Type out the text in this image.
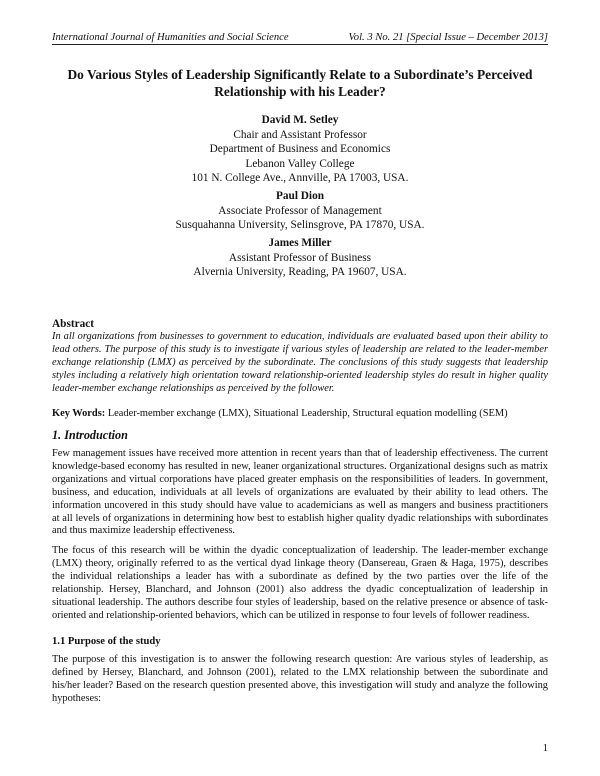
International Journal of Humanities and Social Science	Vol. 3 No. 21 [Special Issue – December 2013]
Do Various Styles of Leadership Significantly Relate to a Subordinate’s Perceived Relationship with his Leader?
David M. Setley
Chair and Assistant Professor
Department of Business and Economics
Lebanon Valley College
101 N. College Ave., Annville, PA 17003, USA.
Paul Dion
Associate Professor of Management
Susquahanna University, Selinsgrove, PA 17870, USA.
James Miller
Assistant Professor of Business
Alvernia University, Reading, PA 19607, USA.
Abstract
In all organizations from businesses to government to education, individuals are evaluated based upon their ability to lead others. The purpose of this study is to investigate if various styles of leadership are related to the leader-member exchange relationship (LMX) as perceived by the subordinate. The conclusions of this study suggests that leadership styles including a relatively high orientation toward relationship-oriented leadership styles do result in higher quality leader-member exchange relationships as perceived by the follower.
Key Words: Leader-member exchange (LMX), Situational Leadership, Structural equation modelling (SEM)
1. Introduction
Few management issues have received more attention in recent years than that of leadership effectiveness. The current knowledge-based economy has resulted in new, leaner organizational structures. Organizational designs such as matrix organizations and virtual corporations have placed greater emphasis on the responsibilities of leaders. In government, business, and education, individuals at all levels of organizations are evaluated by their ability to lead others. The information uncovered in this study should have value to academicians as well as mangers and business practitioners at all levels of organizations in determining how best to establish higher quality dyadic relationships with subordinates and thus maximize leadership effectiveness.
The focus of this research will be within the dyadic conceptualization of leadership. The leader-member exchange (LMX) theory, originally referred to as the vertical dyad linkage theory (Dansereau, Graen & Haga, 1975), describes the individual relationships a leader has with a subordinate as defined by the two parties over the life of the relationship. Hersey, Blanchard, and Johnson (2001) also address the dyadic conceptualization of leadership in situational leadership. The authors describe four styles of leadership, based on the relative presence or absence of task-oriented and relationship-oriented behaviors, which can be utilized in response to four levels of follower readiness.
1.1 Purpose of the study
The purpose of this investigation is to answer the following research question: Are various styles of leadership, as defined by Hersey, Blanchard, and Johnson (2001), related to the LMX relationship between the subordinate and his/her leader? Based on the research question presented above, this investigation will study and analyze the following hypotheses:
1
